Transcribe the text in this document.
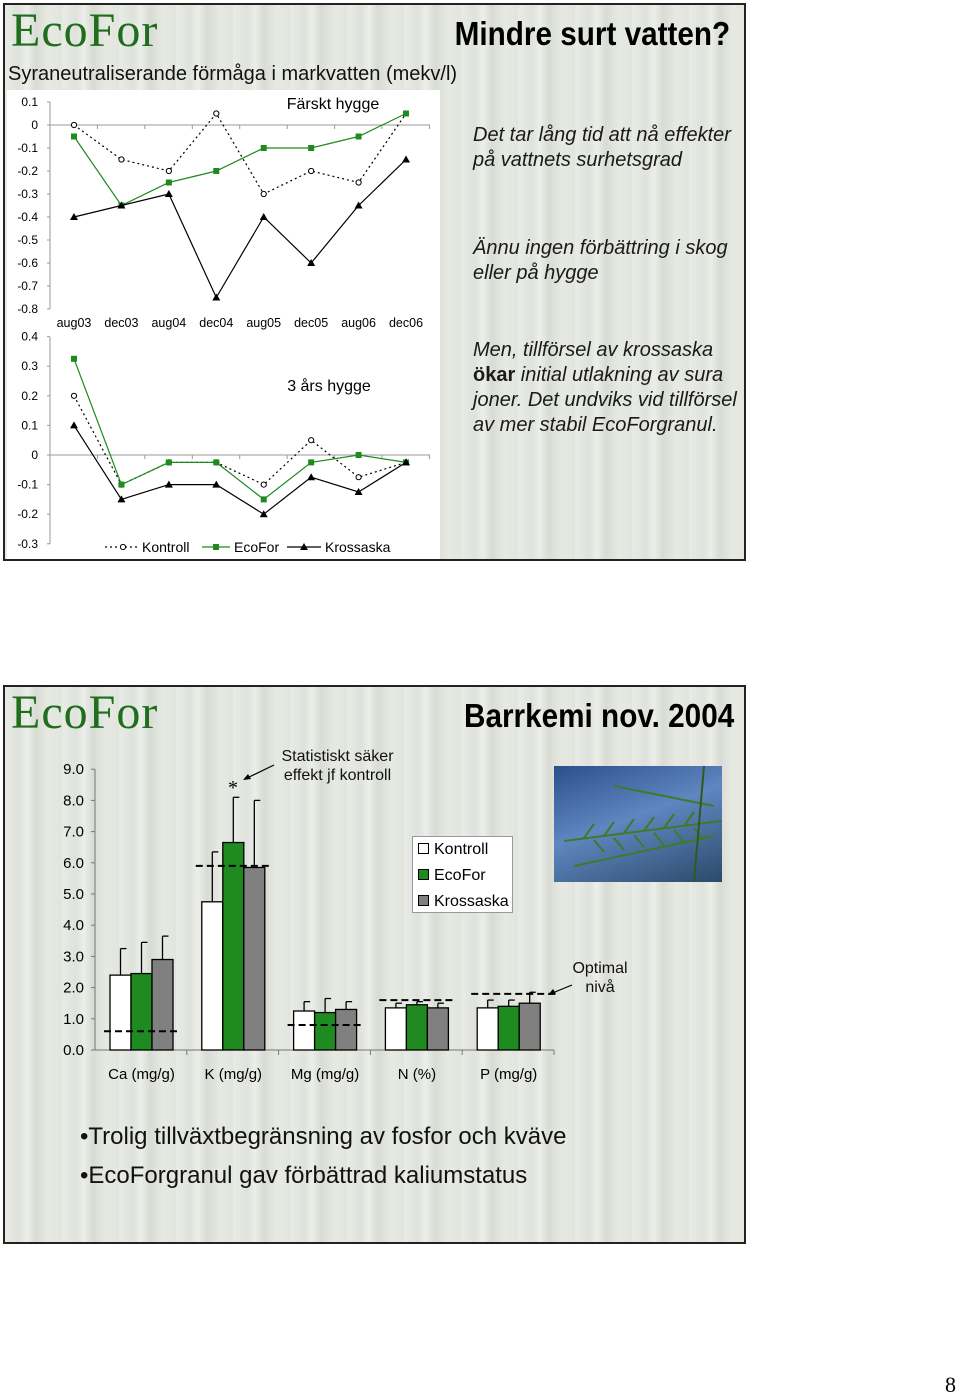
EcoFor	Mindre surt vatten?
Syraneutraliserande förmåga i markvatten (mekv/l)
Det tar lång tid att nå effekter på vattnets surhetsgrad
Ännu ingen förbättring i skog eller på hygge
Men, tillförsel av krossaska ökar initial utlakning av sura joner. Det undviks vid tillförsel av mer stabil EcoForgranul.
0.1
0
-0.1
-0.2
-0.3
-0.4
-0.5
-0.6
-0.7
-0.8
aug03 dec03 aug04 dec04 aug05 dec05 aug06 dec06
Färskt hygge
0.4
0.3
0.2
0.1
0
-0.1
-0.2
-0.3
3 års hygge
Kontroll	EcoFor	Krossaska
EcoFor	Barrkemi nov. 2004
Kontroll
EcoFor
Krossaska
Statistiskt säker effekt jf kontroll
Optimal nivå
•Trolig tillväxtbegränsning av fosfor och kväve
•EcoForgranul gav förbättrad kaliumstatus
9.0
8.0
7.0
6.0
5.0
4.0
3.0
2.0
1.0
0.0
Ca (mg/g) K (mg/g) Mg (mg/g)	N (%)	P (mg/g)
*
8
